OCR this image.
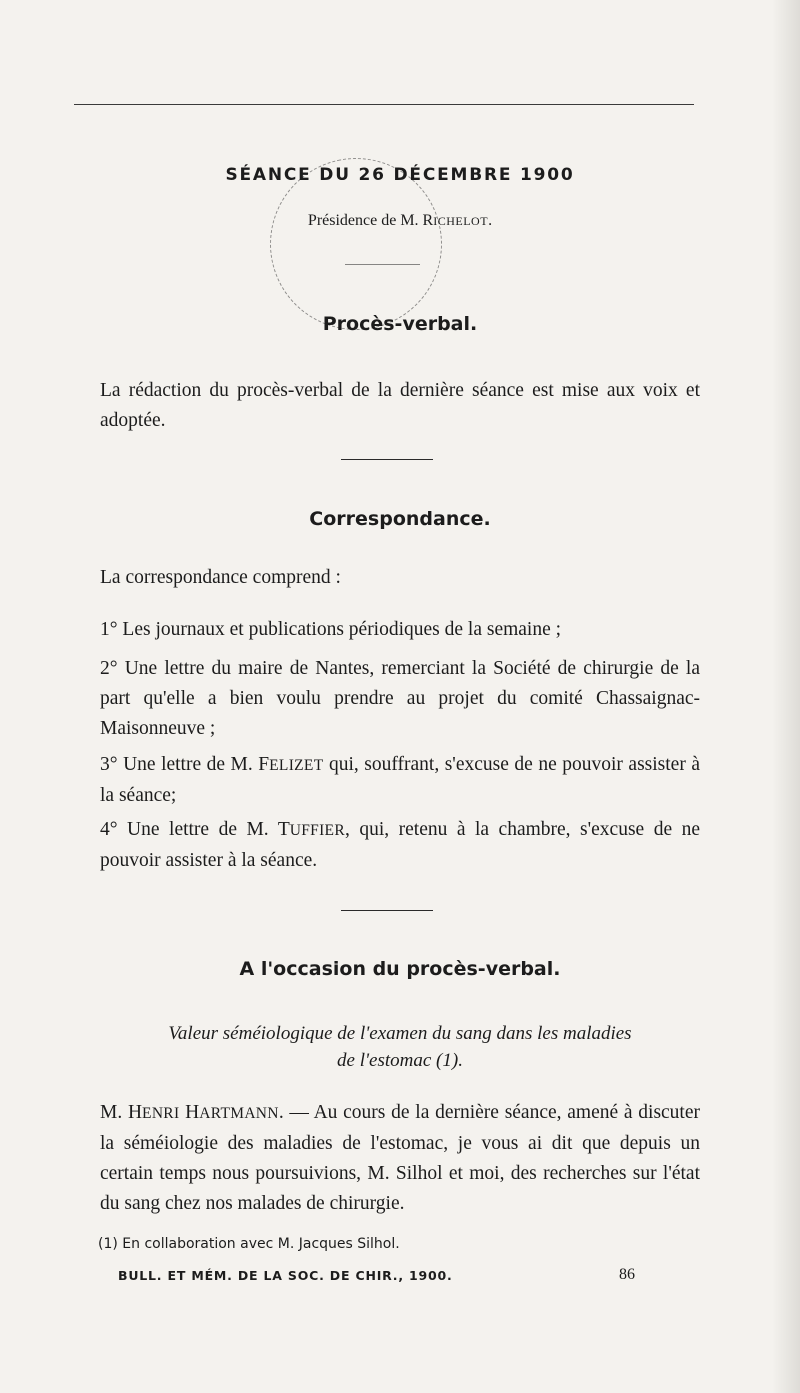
SÉANCE DU 26 DÉCEMBRE 1900
Présidence de M. RICHELOT.
Procès-verbal.
La rédaction du procès-verbal de la dernière séance est mise aux voix et adoptée.
Correspondance.
La correspondance comprend :
1° Les journaux et publications périodiques de la semaine ;
2° Une lettre du maire de Nantes, remerciant la Société de chirurgie de la part qu'elle a bien voulu prendre au projet du comité Chassaignac-Maisonneuve ;
3° Une lettre de M. FELIZET qui, souffrant, s'excuse de ne pouvoir assister à la séance;
4° Une lettre de M. TUFFIER, qui, retenu à la chambre, s'excuse de ne pouvoir assister à la séance.
A l'occasion du procès-verbal.
Valeur séméiologique de l'examen du sang dans les maladies
de l'estomac (1).
M. HENRI HARTMANN. — Au cours de la dernière séance, amené à discuter la séméiologie des maladies de l'estomac, je vous ai dit que depuis un certain temps nous poursuivions, M. Silhol et moi, des recherches sur l'état du sang chez nos malades de chirurgie.
(1) En collaboration avec M. Jacques Silhol.
BULL. ET MÉM. DE LA SOC. DE CHIR., 1900.	86
